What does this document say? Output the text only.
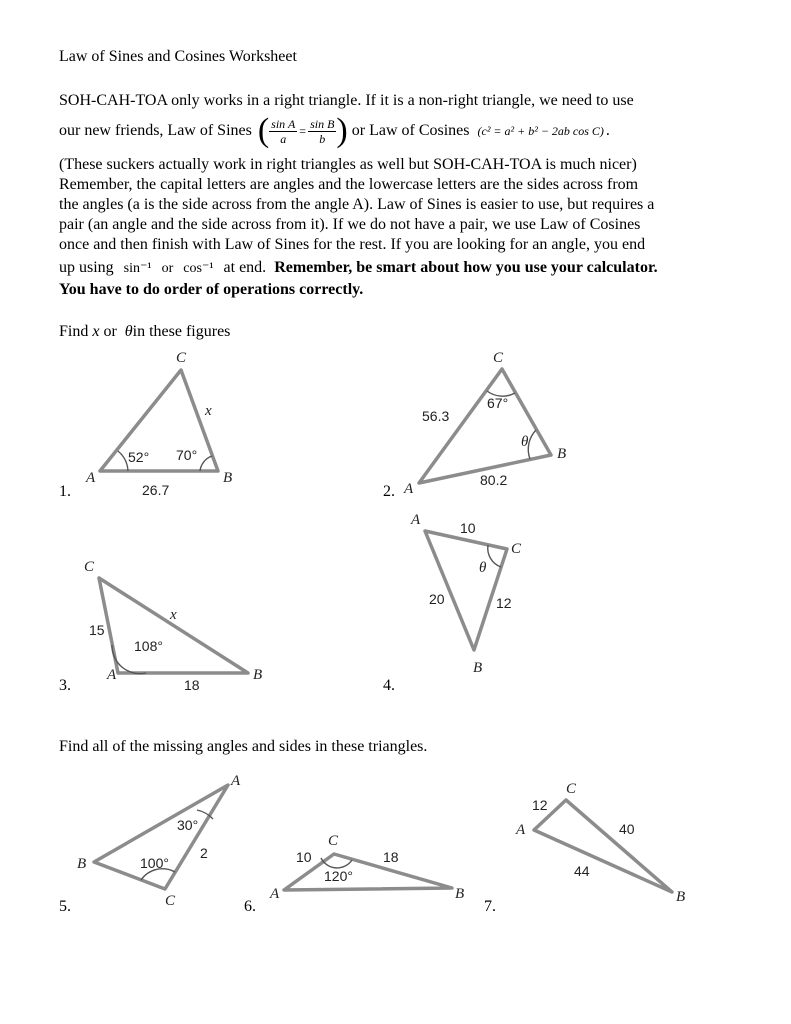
Law of Sines and Cosines Worksheet
SOH-CAH-TOA only works in a right triangle. If it is a non-right triangle, we need to use
our new friends, Law of Sines ( $\frac{\text{sin A}}{a} = \frac{\text{sin B}}{b}$ ) or Law of Cosines (c² = a² + b² − 2ab cos C) .
(These suckers actually work in right triangles as well but SOH-CAH-TOA is much nicer)
Remember, the capital letters are angles and the lowercase letters are the sides across from
the angles (a is the side across from the angle A). Law of Sines is easier to use, but requires a
pair (an angle and the side across from it). If we do not have a pair, we use Law of Cosines
once and then finish with Law of Sines for the rest. If you are looking for an angle, you end
up using sin⁻¹ or cos⁻¹ at end. Remember, be smart about how you use your calculator.
You have to do order of operations correctly.
Find x or θin these figures
Find all of the missing angles and sides in these triangles.
1.	2.
3.	4.
5.	6.	7.
C
A	B
x
26.7
52° 70°
C
A
B
56.3
80.2
67°
θ
C
A	B
15
x
18
108°
A
C
B
10
20	12
θ
A
B
C
30°
100°
2
C
A	B
10	18
120°
C
A
B
12
40
44
